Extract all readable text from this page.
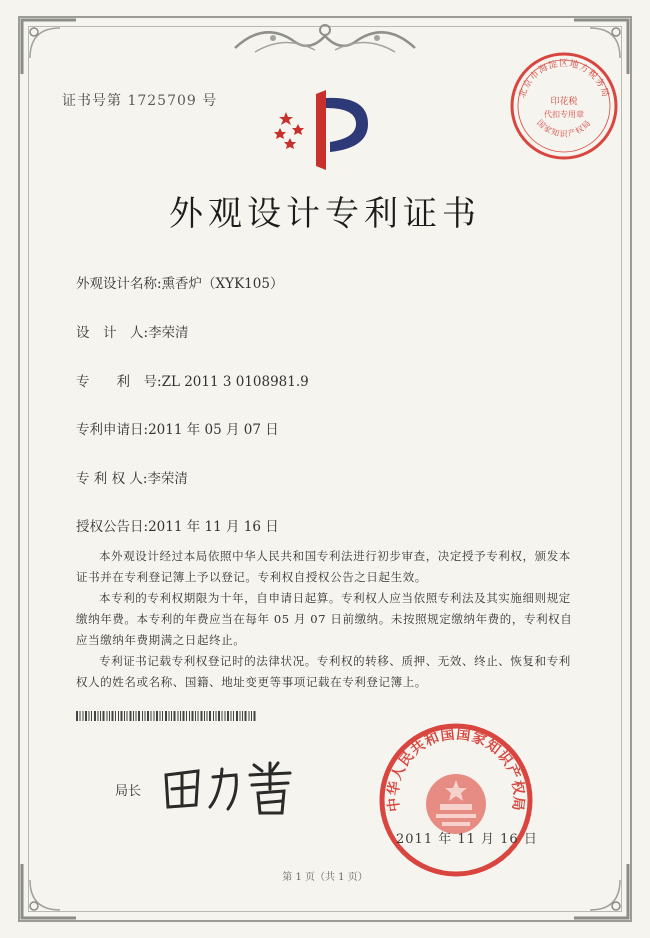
证书号第 1725709 号
北京市海淀区地方税务局
印花税
代扣专用章
国家知识产权局
外观设计专利证书
外观设计名称:熏香炉（XYK105）
设　计　人:李荣清
专　　利　号:ZL 2011 3 0108981.9
专利申请日:2011 年 05 月 07 日
专 利 权 人:李荣清
授权公告日:2011 年 11 月 16 日

本外观设计经过本局依照中华人民共和国专利法进行初步审查，决定授予专利权，颁发本证书并在专利登记簿上予以登记。专利权自授权公告之日起生效。

本专利的专利权期限为十年，自申请日起算。专利权人应当依照专利法及其实施细则规定缴纳年费。本专利的年费应当在每年 05 月 07 日前缴纳。未按照规定缴纳年费的，专利权自应当缴纳年费期满之日起终止。

专利证书记载专利权登记时的法律状况。专利权的转移、质押、无效、终止、恢复和专利权人的姓名或名称、国籍、地址变更等事项记载在专利登记簿上。

局长
中华人民共和国国家知识产权局
2011 年 11 月 16 日
第 1 页（共 1 页）
